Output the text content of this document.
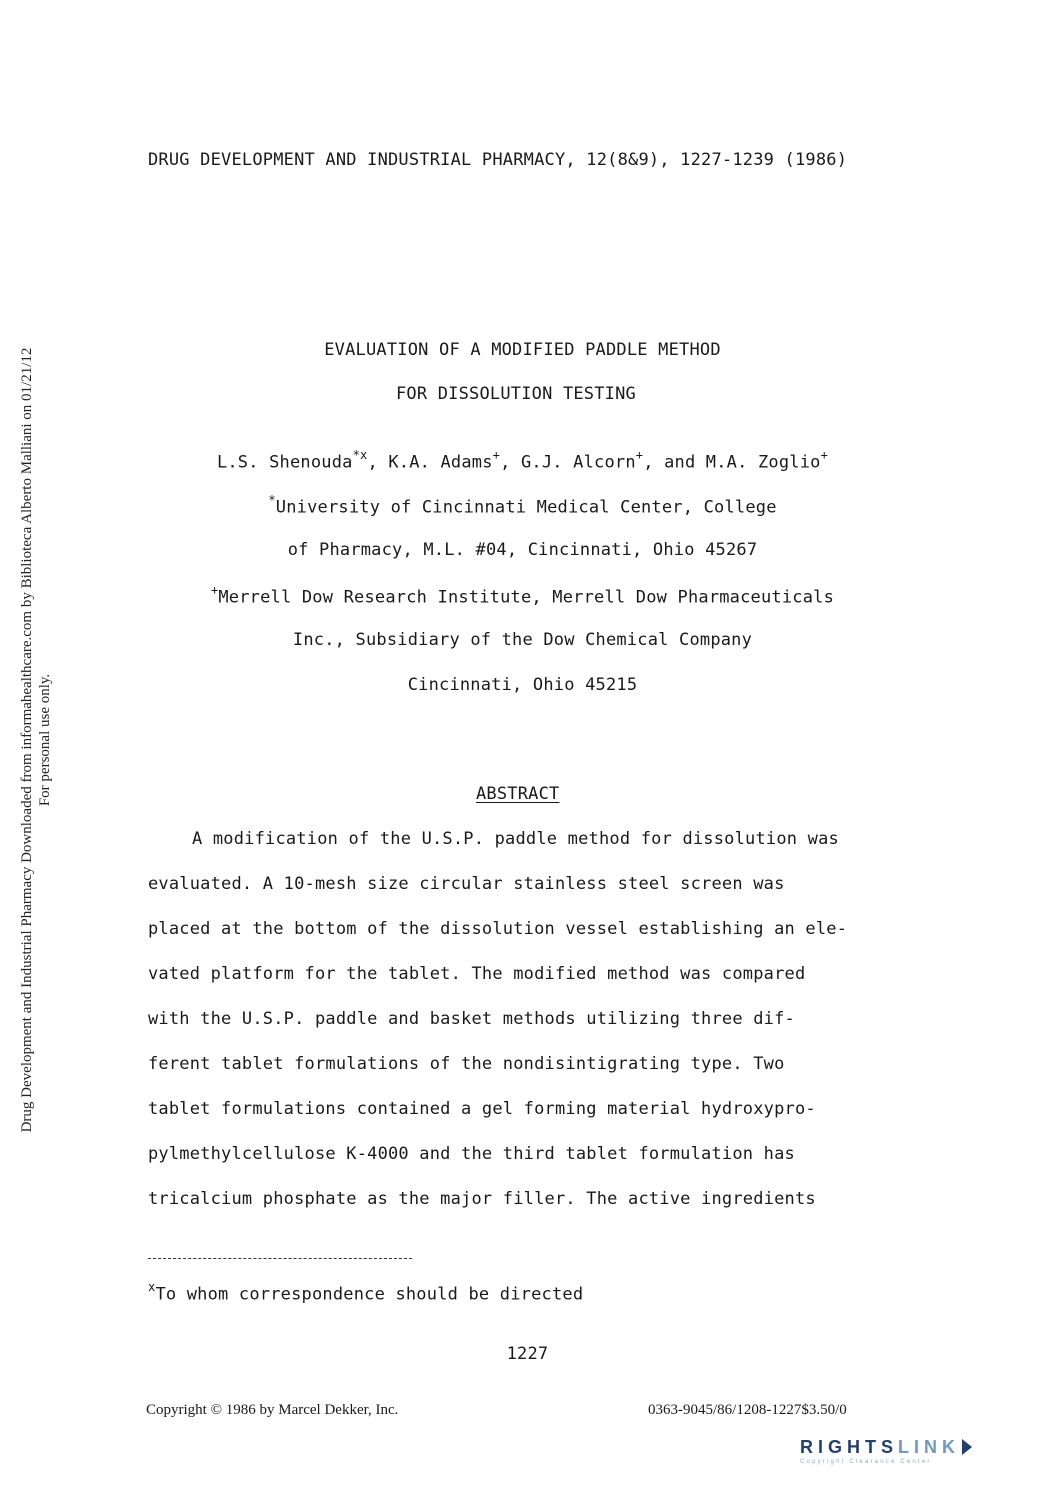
DRUG DEVELOPMENT AND INDUSTRIAL PHARMACY, 12(8&9), 1227-1239 (1986)
EVALUATION OF A MODIFIED PADDLE METHOD
FOR DISSOLUTION TESTING
L.S. Shenouda$^{*x}$, K.A. Adams+, G.J. Alcorn+, and M.A. Zoglio+
*University of Cincinnati Medical Center, College
of Pharmacy, M.L. #04, Cincinnati, Ohio 45267
+Merrell Dow Research Institute, Merrell Dow Pharmaceuticals
Inc., Subsidiary of the Dow Chemical Company
Cincinnati, Ohio 45215
ABSTRACT
A modification of the U.S.P. paddle method for dissolution was
evaluated. A 10-mesh size circular stainless steel screen was
placed at the bottom of the dissolution vessel establishing an ele-
vated platform for the tablet. The modified method was compared
with the U.S.P. paddle and basket methods utilizing three dif-
ferent tablet formulations of the nondisintigrating type. Two
tablet formulations contained a gel forming material hydroxypro-
pylmethylcellulose K-4000 and the third tablet formulation has
tricalcium phosphate as the major filler. The active ingredients
$^x$To whom correspondence should be directed
1227
Copyright © 1986 by Marcel Dekker, Inc.	0363-9045/86/1208-1227$3.50/0
Drug Development and Industrial Pharmacy Downloaded from informahealthcare.com by Biblioteca Alberto Malliani on 01/21/12 For personal use only.
RIGHTSLINK
Copyright Clearance Center
